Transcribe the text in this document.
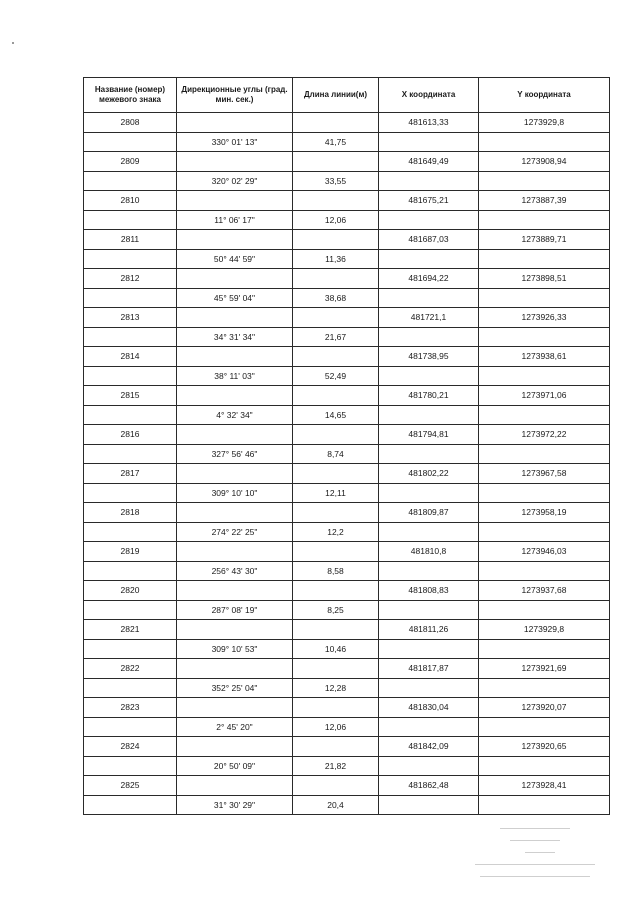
Название (номер) межевого знака	Дирекционные углы (град. мин. сек.)	Длина линии(м)	X координата	Y координата
2808			481613,33	1273929,8
	330° 01' 13"	41,75		
2809			481649,49	1273908,94
	320° 02' 29"	33,55		
2810			481675,21	1273887,39
	11° 06' 17"	12,06		
2811			481687,03	1273889,71
	50° 44' 59"	11,36		
2812			481694,22	1273898,51
	45° 59' 04"	38,68		
2813			481721,1	1273926,33
	34° 31' 34"	21,67		
2814			481738,95	1273938,61
	38° 11' 03"	52,49		
2815			481780,21	1273971,06
	4° 32' 34"	14,65		
2816			481794,81	1273972,22
	327° 56' 46"	8,74		
2817			481802,22	1273967,58
	309° 10' 10"	12,11		
2818			481809,87	1273958,19
	274° 22' 25"	12,2		
2819			481810,8	1273946,03
	256° 43' 30"	8,58		
2820			481808,83	1273937,68
	287° 08' 19"	8,25		
2821			481811,26	1273929,8
	309° 10' 53"	10,46		
2822			481817,87	1273921,69
	352° 25' 04"	12,28		
2823			481830,04	1273920,07
	2° 45' 20"	12,06		
2824			481842,09	1273920,65
	20° 50' 09"	21,82		
2825			481862,48	1273928,41
	31° 30' 29"	20,4		
